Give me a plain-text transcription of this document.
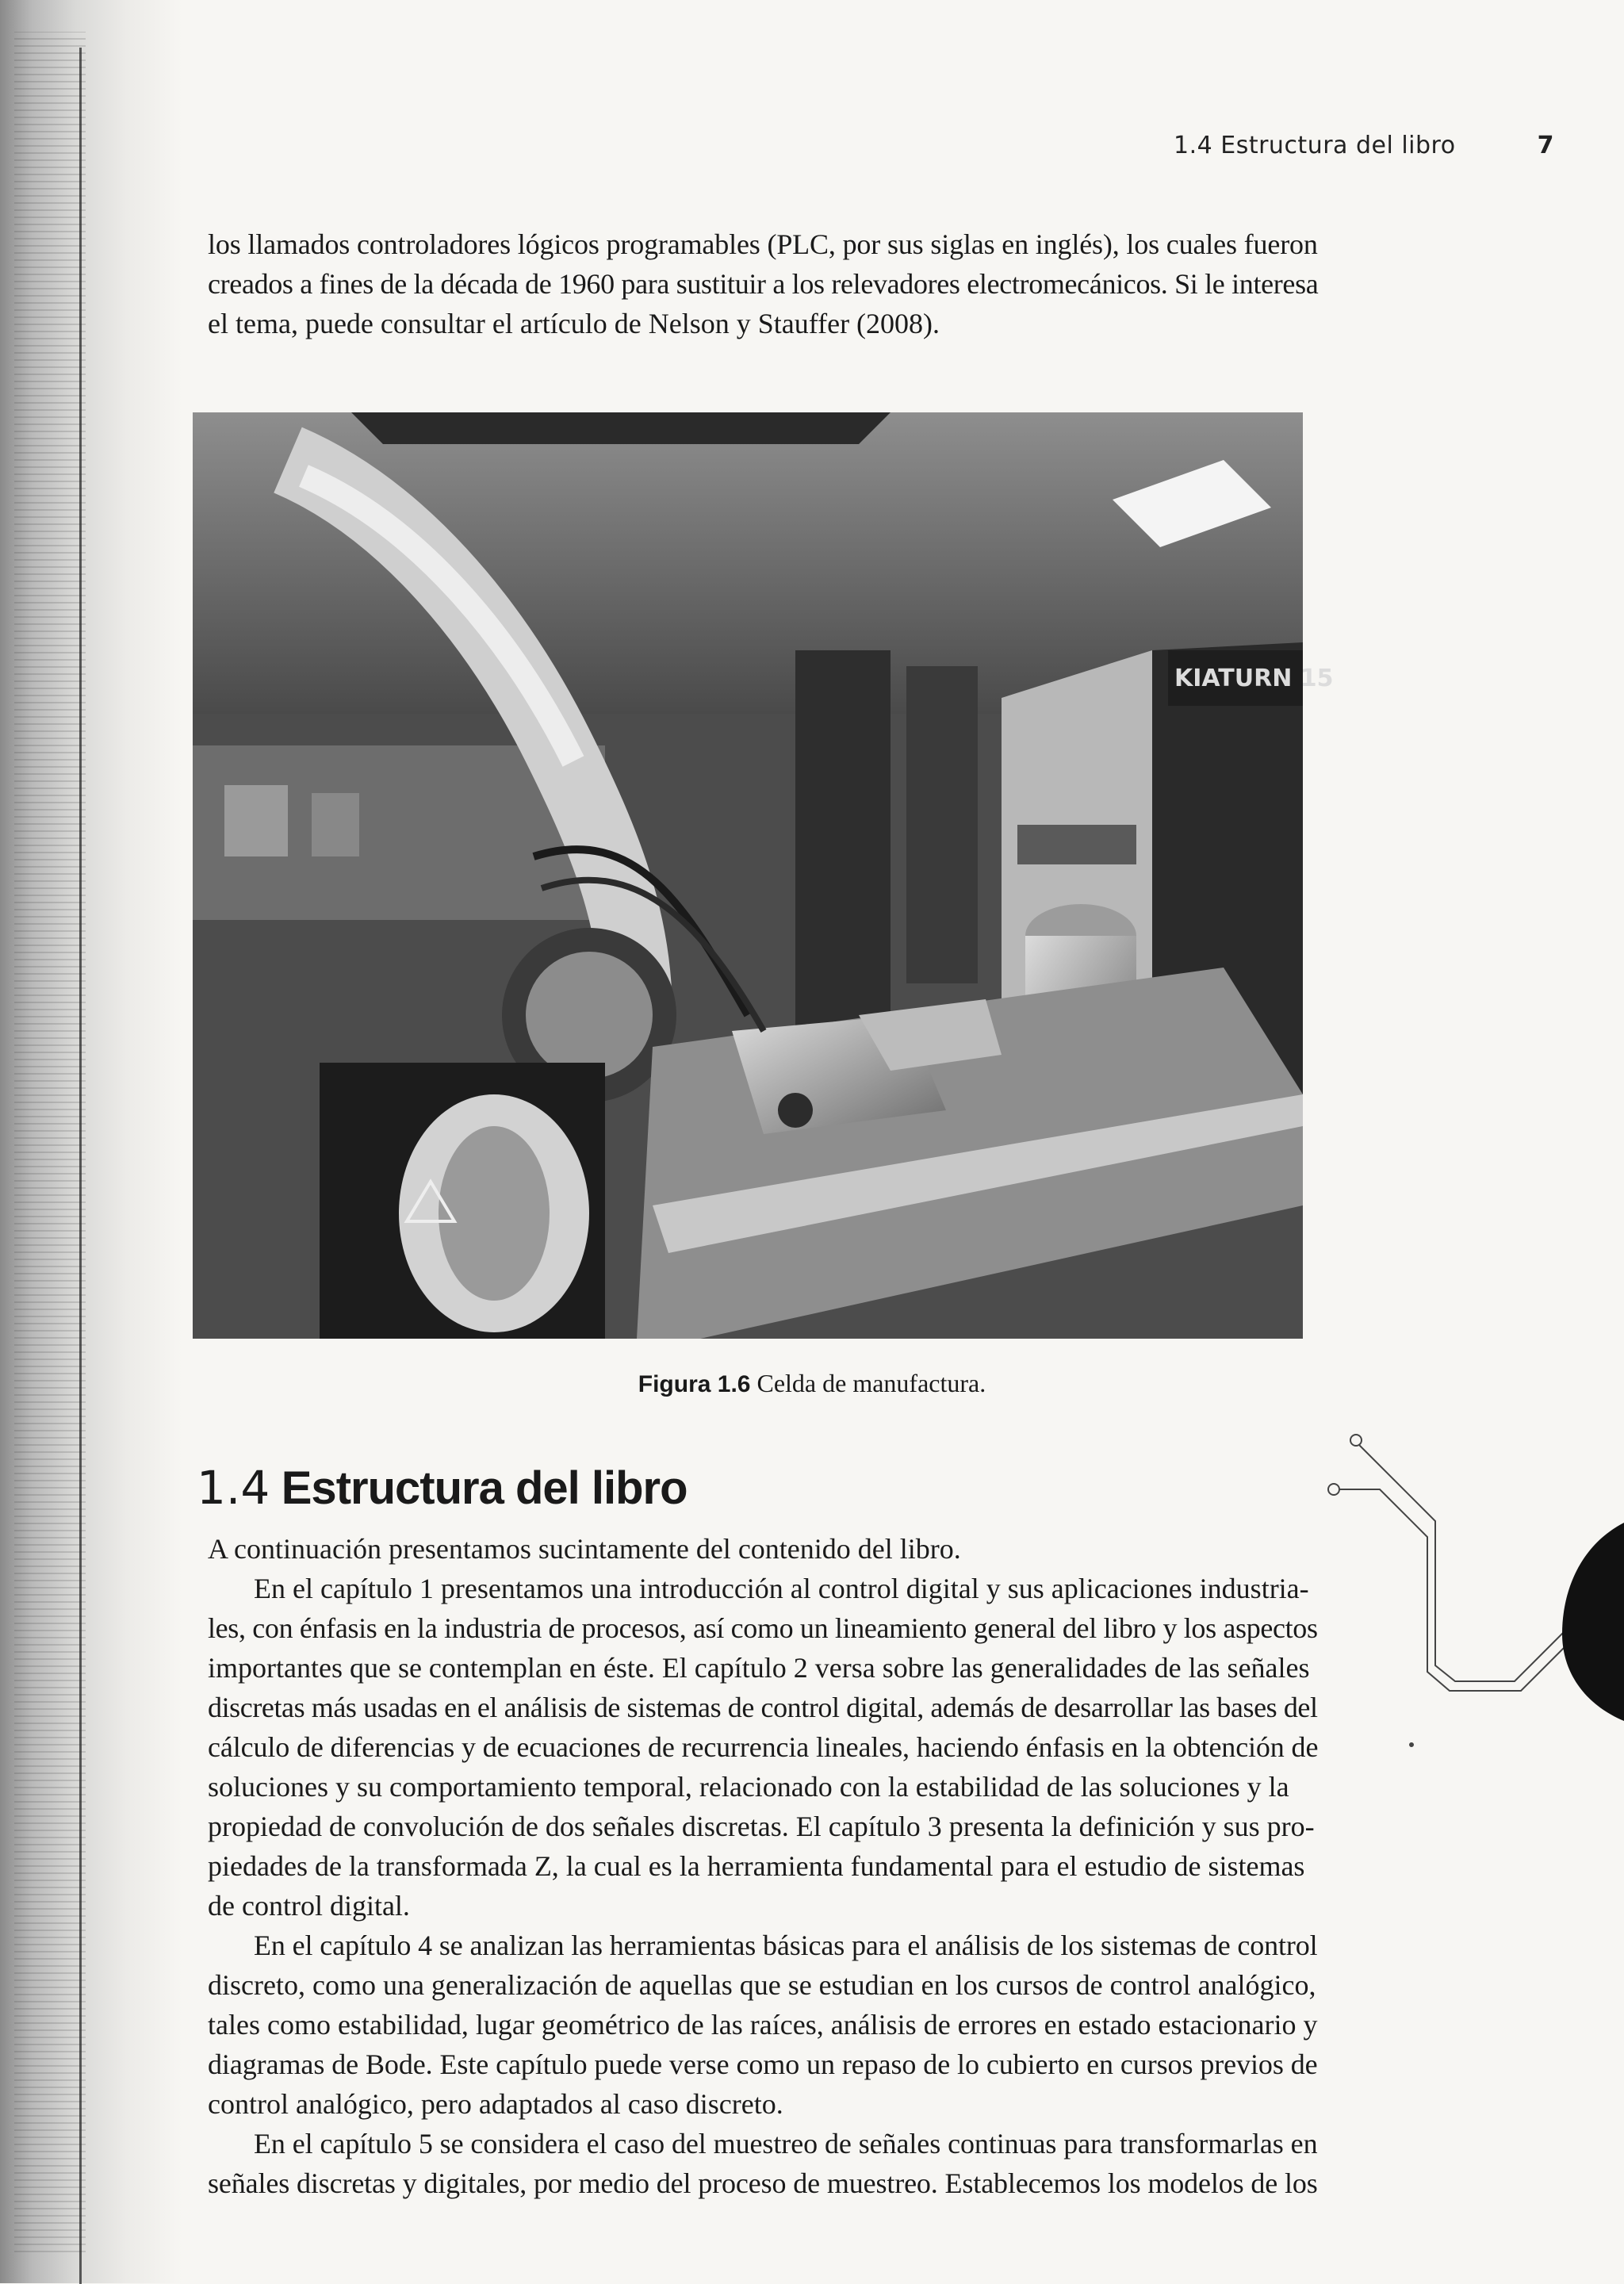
1.4 Estructura del libro	7
los llamados controladores lógicos programables (PLC, por sus siglas en inglés), los cuales fueron
creados a fines de la década de 1960 para sustituir a los relevadores electromecánicos. Si le interesa
el tema, puede consultar el artículo de Nelson y Stauffer (2008).
KIATURN 15
Figura 1.6 Celda de manufactura.
1.4 Estructura del libro
A continuación presentamos sucintamente del contenido del libro.
En el capítulo 1 presentamos una introducción al control digital y sus aplicaciones industria-
les, con énfasis en la industria de procesos, así como un lineamiento general del libro y los aspectos
importantes que se contemplan en éste. El capítulo 2 versa sobre las generalidades de las señales
discretas más usadas en el análisis de sistemas de control digital, además de desarrollar las bases del
cálculo de diferencias y de ecuaciones de recurrencia lineales, haciendo énfasis en la obtención de
soluciones y su comportamiento temporal, relacionado con la estabilidad de las soluciones y la
propiedad de convolución de dos señales discretas. El capítulo 3 presenta la definición y sus pro-
piedades de la transformada Z, la cual es la herramienta fundamental para el estudio de sistemas
de control digital.
En el capítulo 4 se analizan las herramientas básicas para el análisis de los sistemas de control
discreto, como una generalización de aquellas que se estudian en los cursos de control analógico,
tales como estabilidad, lugar geométrico de las raíces, análisis de errores en estado estacionario y
diagramas de Bode. Este capítulo puede verse como un repaso de lo cubierto en cursos previos de
control analógico, pero adaptados al caso discreto.
En el capítulo 5 se considera el caso del muestreo de señales continuas para transformarlas en
señales discretas y digitales, por medio del proceso de muestreo. Establecemos los modelos de los
